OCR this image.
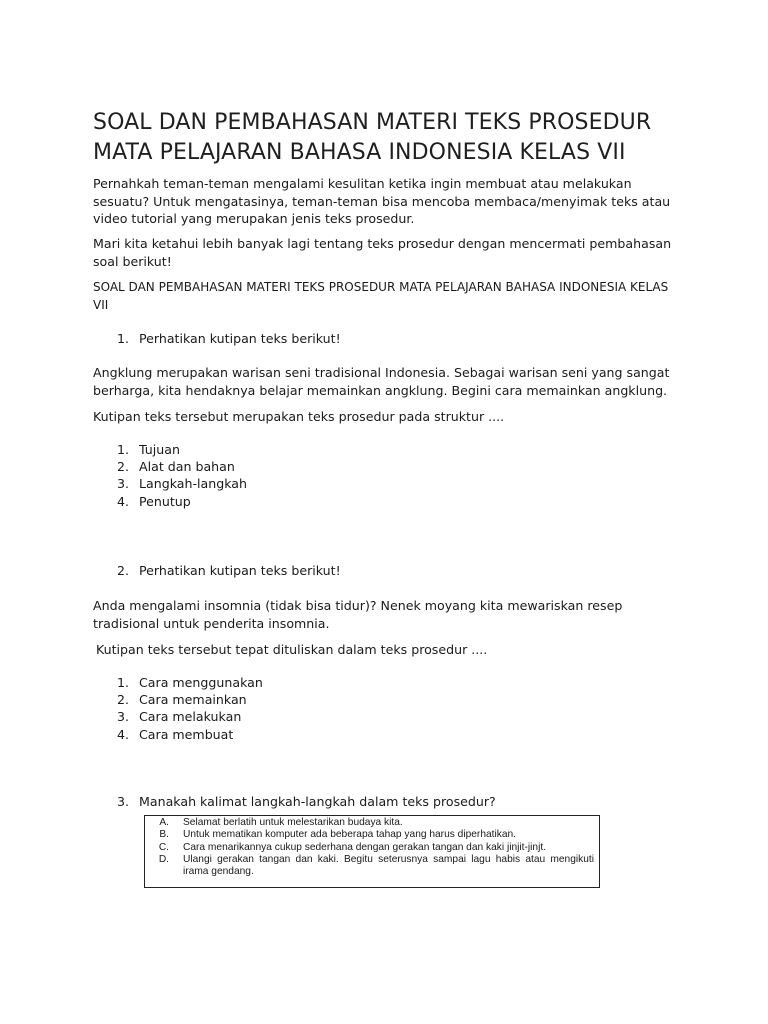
SOAL DAN PEMBAHASAN MATERI TEKS PROSEDUR
MATA PELAJARAN BAHASA INDONESIA KELAS VII

Pernahkah teman-teman mengalami kesulitan ketika ingin membuat atau melakukan sesuatu? Untuk mengatasinya, teman-teman bisa mencoba membaca/menyimak teks atau video tutorial yang merupakan jenis teks prosedur.

Mari kita ketahui lebih banyak lagi tentang teks prosedur dengan mencermati pembahasan soal berikut!

SOAL DAN PEMBAHASAN MATERI TEKS PROSEDUR MATA PELAJARAN BAHASA INDONESIA KELAS VII

1. Perhatikan kutipan teks berikut!

Angklung merupakan warisan seni tradisional Indonesia. Sebagai warisan seni yang sangat berharga, kita hendaknya belajar memainkan angklung. Begini cara memainkan angklung.

Kutipan teks tersebut merupakan teks prosedur pada struktur ....

1. Tujuan
2. Alat dan bahan
3. Langkah-langkah
4. Penutup

2. Perhatikan kutipan teks berikut!

Anda mengalami insomnia (tidak bisa tidur)? Nenek moyang kita mewariskan resep tradisional untuk penderita insomnia.

Kutipan teks tersebut tepat dituliskan dalam teks prosedur ....

1. Cara menggunakan
2. Cara memainkan
3. Cara melakukan
4. Cara membuat

3. Manakah kalimat langkah-langkah dalam teks prosedur?

A.	Selamat berlatih untuk melestarikan budaya kita.
B.	Untuk mematikan komputer ada beberapa tahap yang harus diperhatikan.
C.	Cara menarikannya cukup sederhana dengan gerakan tangan dan kaki jinjit-jinjt.
D.	Ulangi gerakan tangan dan kaki. Begitu seterusnya sampai lagu habis atau mengikuti irama gendang.
